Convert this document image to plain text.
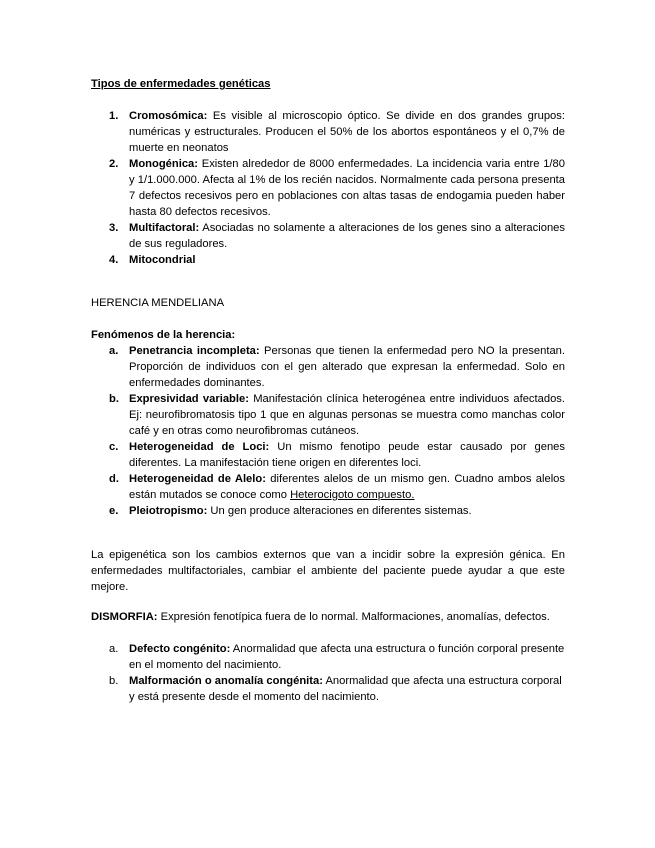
Tipos de enfermedades genéticas
1. Cromosómica: Es visible al microscopio óptico. Se divide en dos grandes grupos: numéricas y estructurales. Producen el 50% de los abortos espontáneos y el 0,7% de muerte en neonatos
2. Monogénica: Existen alrededor de 8000 enfermedades. La incidencia varia entre 1/80 y 1/1.000.000. Afecta al 1% de los recién nacidos. Normalmente cada persona presenta 7 defectos recesivos pero en poblaciones con altas tasas de endogamia pueden haber hasta 80 defectos recesivos.
3. Multifactoral: Asociadas no solamente a alteraciones de los genes sino a alteraciones de sus reguladores.
4. Mitocondrial
HERENCIA MENDELIANA
Fenómenos de la herencia:
a. Penetrancia incompleta: Personas que tienen la enfermedad pero NO la presentan. Proporción de individuos con el gen alterado que expresan la enfermedad. Solo en enfermedades dominantes.
b. Expresividad variable: Manifestación clínica heterogénea entre individuos afectados. Ej: neurofibromatosis tipo 1 que en algunas personas se muestra como manchas color café y en otras como neurofibromas cutáneos.
c. Heterogeneidad de Loci: Un mismo fenotipo peude estar causado por genes diferentes. La manifestación tiene origen en diferentes loci.
d. Heterogeneidad de Alelo: diferentes alelos de un mismo gen. Cuadno ambos alelos están mutados se conoce como Heterocigoto compuesto.
e. Pleiotropismo: Un gen produce alteraciones en diferentes sistemas.
La epigenética son los cambios externos que van a incidir sobre la expresión génica. En enfermedades multifactoriales, cambiar el ambiente del paciente puede ayudar a que este mejore.
DISMORFIA: Expresión fenotípica fuera de lo normal. Malformaciones, anomalías, defectos.
a. Defecto congénito: Anormalidad que afecta una estructura o función corporal presente en el momento del nacimiento.
b. Malformación o anomalía congénita: Anormalidad que afecta una estructura corporal y está presente desde el momento del nacimiento.
